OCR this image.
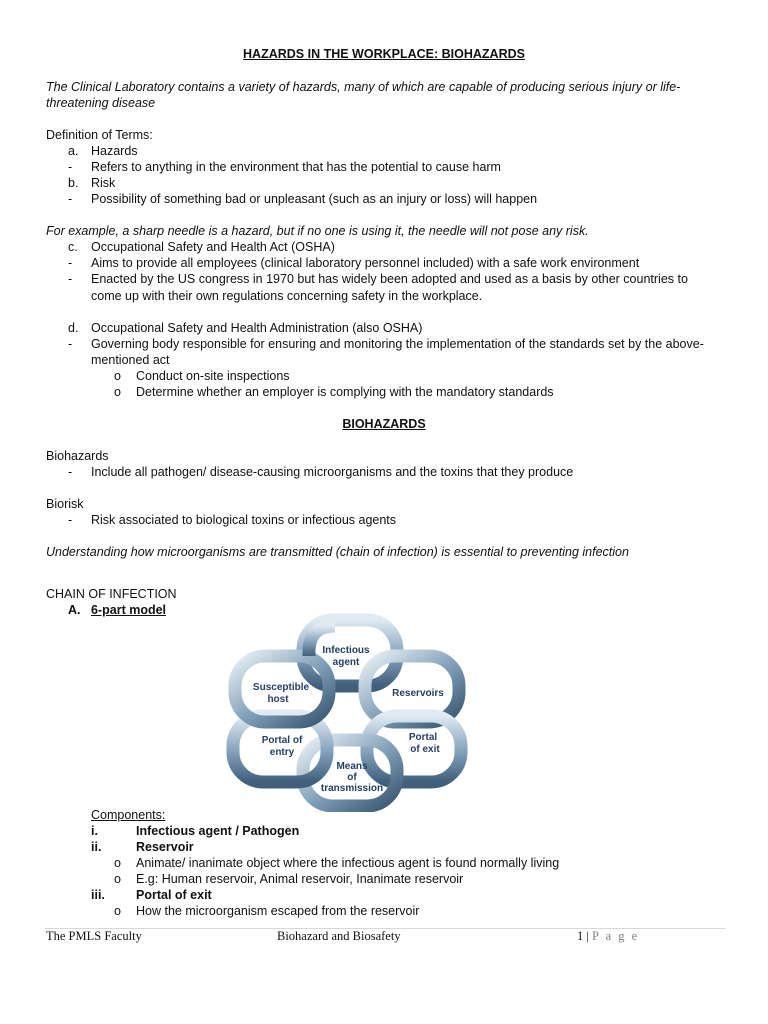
HAZARDS IN THE WORKPLACE: BIOHAZARDS
The Clinical Laboratory contains a variety of hazards, many of which are capable of producing serious injury or life-
threatening disease
Definition of Terms:
a. Hazards
- Refers to anything in the environment that has the potential to cause harm
b. Risk
- Possibility of something bad or unpleasant (such as an injury or loss) will happen
For example, a sharp needle is a hazard, but if no one is using it, the needle will not pose any risk.
c. Occupational Safety and Health Act (OSHA)
- Aims to provide all employees (clinical laboratory personnel included) with a safe work environment
- Enacted by the US congress in 1970 but has widely been adopted and used as a basis by other countries to
come up with their own regulations concerning safety in the workplace.
d. Occupational Safety and Health Administration (also OSHA)
- Governing body responsible for ensuring and monitoring the implementation of the standards set by the above-
mentioned act
o Conduct on-site inspections
o Determine whether an employer is complying with the mandatory standards
BIOHAZARDS
Biohazards
- Include all pathogen/ disease-causing microorganisms and the toxins that they produce
Biorisk
- Risk associated to biological toxins or infectious agents
Understanding how microorganisms are transmitted (chain of infection) is essential to preventing infection
CHAIN OF INFECTION
A. 6-part model
Infectious
agent
Reservoirs
Portal
of exit
Means
of
transmission
Portal of
entry
Susceptible
host
Components:
i.	Infectious agent / Pathogen
ii.	Reservoir
o Animate/ inanimate object where the infectious agent is found normally living
o E.g: Human reservoir, Animal reservoir, Inanimate reservoir
iii. Portal of exit
o How the microorganism escaped from the reservoir
The PMLS Faculty	Biohazard and Biosafety	1 | P a g e
